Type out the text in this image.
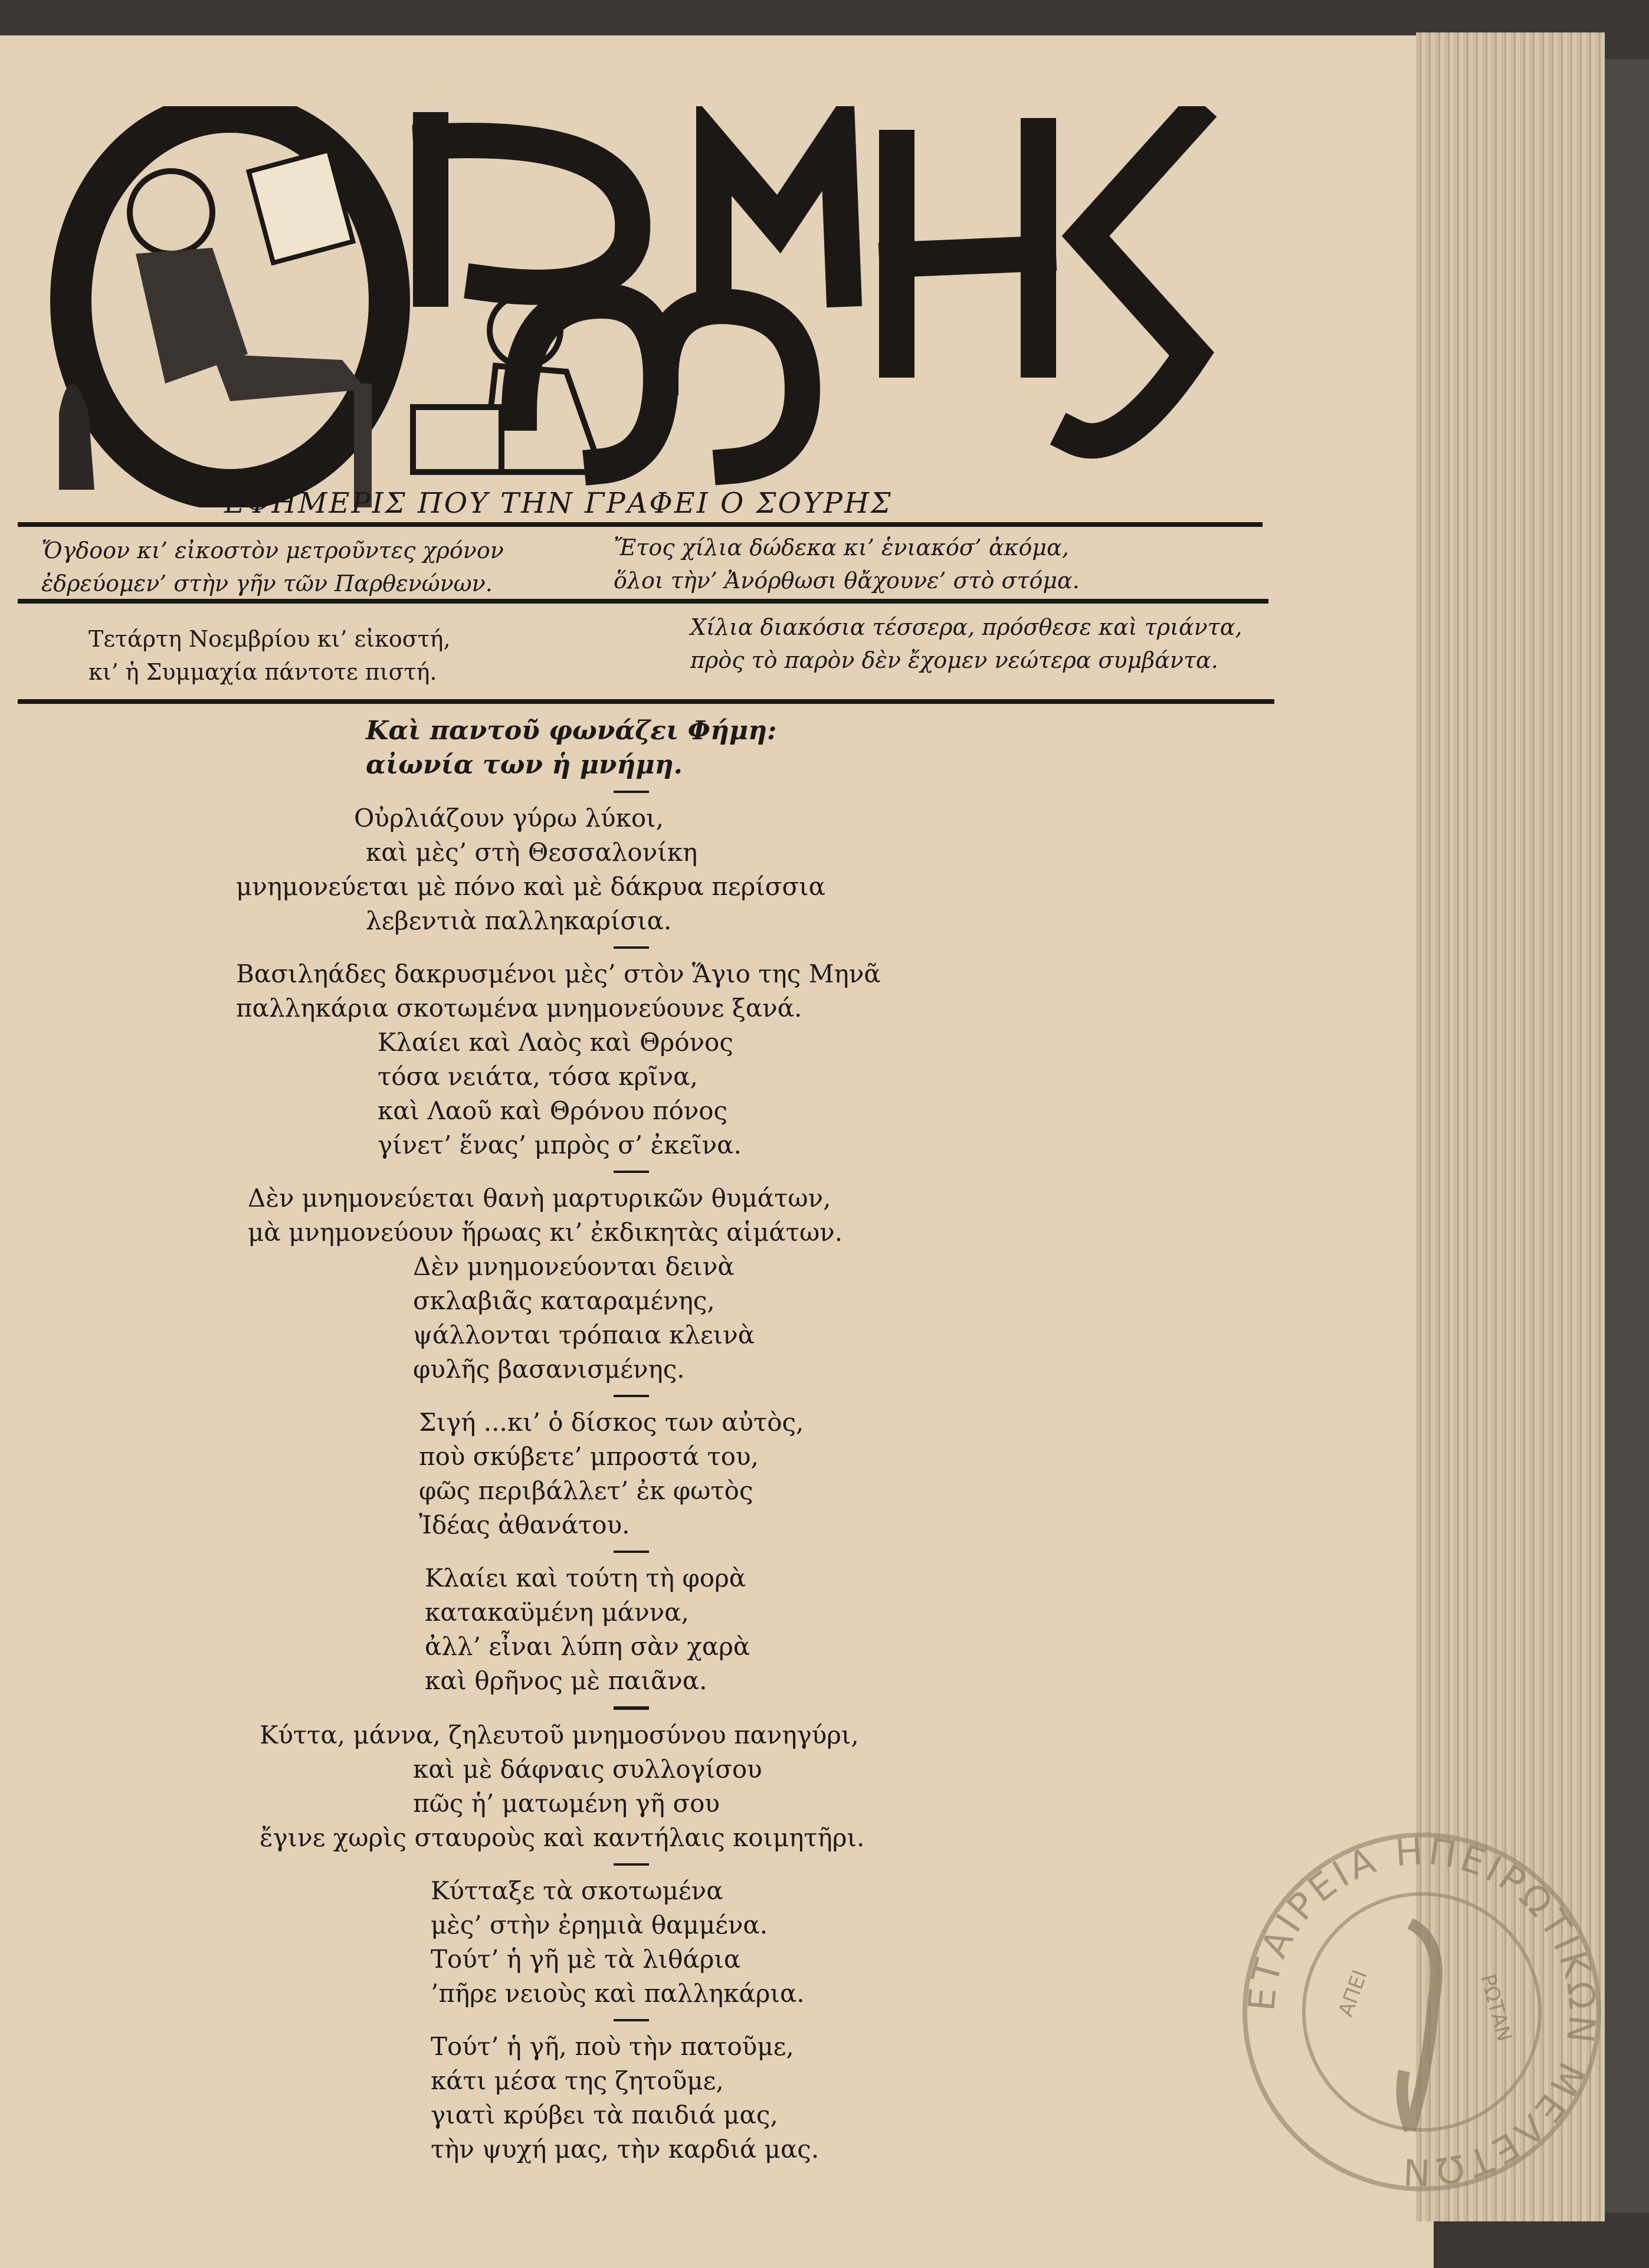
ΕΦΗΜΕΡΙΣ ΠΟΥ ΤΗΝ ΓΡΑΦΕΙ Ο ΣΟΥΡΗΣ
Ὄγδοον κι’ εἰκοστὸν μετροῦντες χρόνον
ἐδρεύομεν’ στὴν γῆν τῶν Παρθενώνων.
Ἔτος χίλια δώδεκα κι’ ἑνιακόσ’ ἀκόμα,
ὅλοι τὴν’ Ἀνόρθωσι θἄχουνε’ στὸ στόμα.
Τετάρτη Νοεμβρίου κι’ εἰκοστή,
κι’ ἡ Συμμαχία πάντοτε πιστή.
Χίλια διακόσια τέσσερα, πρόσθεσε καὶ τριάντα,
πρὸς τὸ παρὸν δὲν ἔχομεν νεώτερα συμβάντα.
Καὶ παντοῦ φωνάζει Φήμη:
αἰωνία των ἡ μνήμη.
Οὐρλιάζουν γύρω λύκοι,
καὶ μὲς’ στὴ Θεσσαλονίκη
μνημονεύεται μὲ πόνο καὶ μὲ δάκρυα περίσσια
λεβεντιὰ παλληκαρίσια.
Βασιληάδες δακρυσμένοι μὲς’ στὸν Ἅγιο της Μηνᾶ
παλληκάρια σκοτωμένα μνημονεύουνε ξανά.
Κλαίει καὶ Λαὸς καὶ Θρόνος
τόσα νειάτα, τόσα κρῖνα,
καὶ Λαοῦ καὶ Θρόνου πόνος
γίνετ’ ἕνας’ μπρὸς σ’ ἐκεῖνα.
Δὲν μνημονεύεται θανὴ μαρτυρικῶν θυμάτων,
μὰ μνημονεύουν ἥρωας κι’ ἐκδικητὰς αἱμάτων.
Δὲν μνημονεύονται δεινὰ
σκλαβιᾶς καταραμένης,
ψάλλονται τρόπαια κλεινὰ
φυλῆς βασανισμένης.
Σιγή ...κι’ ὁ δίσκος των αὐτὸς,
ποὺ σκύβετε’ μπροστά του,
φῶς περιβάλλετ’ ἐκ φωτὸς
Ἰδέας ἀθανάτου.
Κλαίει καὶ τούτη τὴ φορὰ
κατακαϋμένη μάννα,
ἀλλ’ εἶναι λύπη σὰν χαρὰ
καὶ θρῆνος μὲ παιᾶνα.
Κύττα, μάννα, ζηλευτοῦ μνημοσύνου πανηγύρι,
καὶ μὲ δάφναις συλλογίσου
πῶς ἡ’ ματωμένη γῆ σου
ἔγινε χωρὶς σταυροὺς καὶ καντήλαις κοιμητῆρι.
Κύτταξε τὰ σκοτωμένα
μὲς’ στὴν ἐρημιὰ θαμμένα.
Τούτ’ ἡ γῆ μὲ τὰ λιθάρια
’πῆρε νειοὺς καὶ παλληκάρια.
Τούτ’ ἡ γῆ, ποὺ τὴν πατοῦμε,
κάτι μέσα της ζητοῦμε,
γιατὶ κρύβει τὰ παιδιά μας,
τὴν ψυχή μας, τὴν καρδιά μας.
ΕΤΑΙΡΕΙΑ ΗΠΕΙΡΩΤΙΚΩΝ ΜΕΛΕΤΩΝ
ΑΠΕΙ	ΡΩΤΑΝ
